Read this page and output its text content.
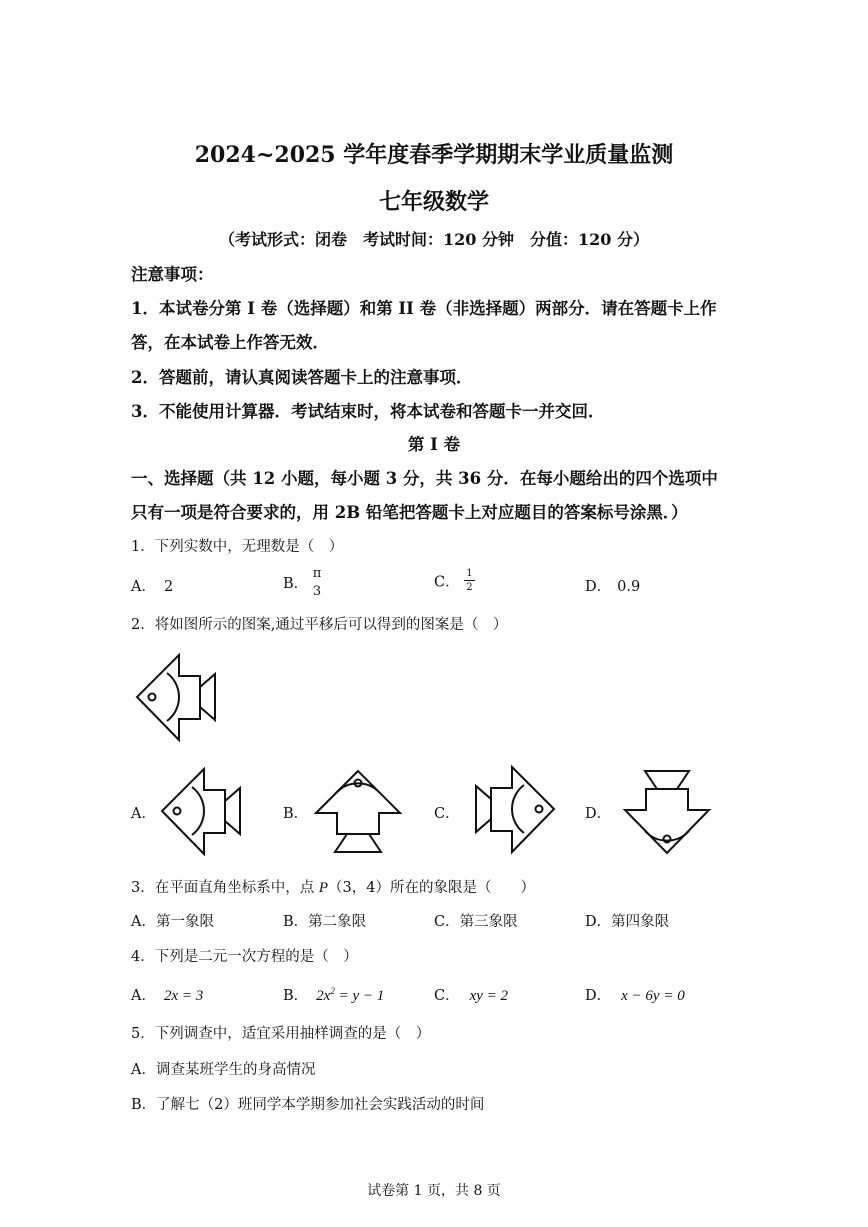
2024~2025 学年度春季学期期末学业质量监测
七年级数学
（考试形式：闭卷　考试时间：120 分钟　分值：120 分）
注意事项：
1．本试卷分第 I 卷（选择题）和第 II 卷（非选择题）两部分．请在答题卡上作
答，在本试卷上作答无效．
2．答题前，请认真阅读答题卡上的注意事项．
3．不能使用计算器．考试结束时，将本试卷和答题卡一并交回．
第 I 卷
一、选择题（共 12 小题，每小题 3 分，共 36 分．在每小题给出的四个选项中
只有一项是符合要求的，用 2B 铅笔把答题卡上对应题目的答案标号涂黑．）
1．下列实数中，无理数是（　）
A． 2	B．
π
3
C． $\frac{1}{2}$	D． 0.9
2．将如图所示的图案,通过平移后可以得到的图案是（　）
A．	B．	C．	D．
3．在平面直角坐标系中，点 P（3，4）所在的象限是（　　）
A．第一象限	B．第二象限	C．第三象限	D．第四象限
4．下列是二元一次方程的是（　）
A． 2x = 3	B． $2x^2 = y - 1$	C． xy = 2	D． x − 6y = 0
5．下列调查中，适宜采用抽样调查的是（　）
A．调查某班学生的身高情况
B．了解七（2）班同学本学期参加社会实践活动的时间
试卷第 1 页，共 8 页
